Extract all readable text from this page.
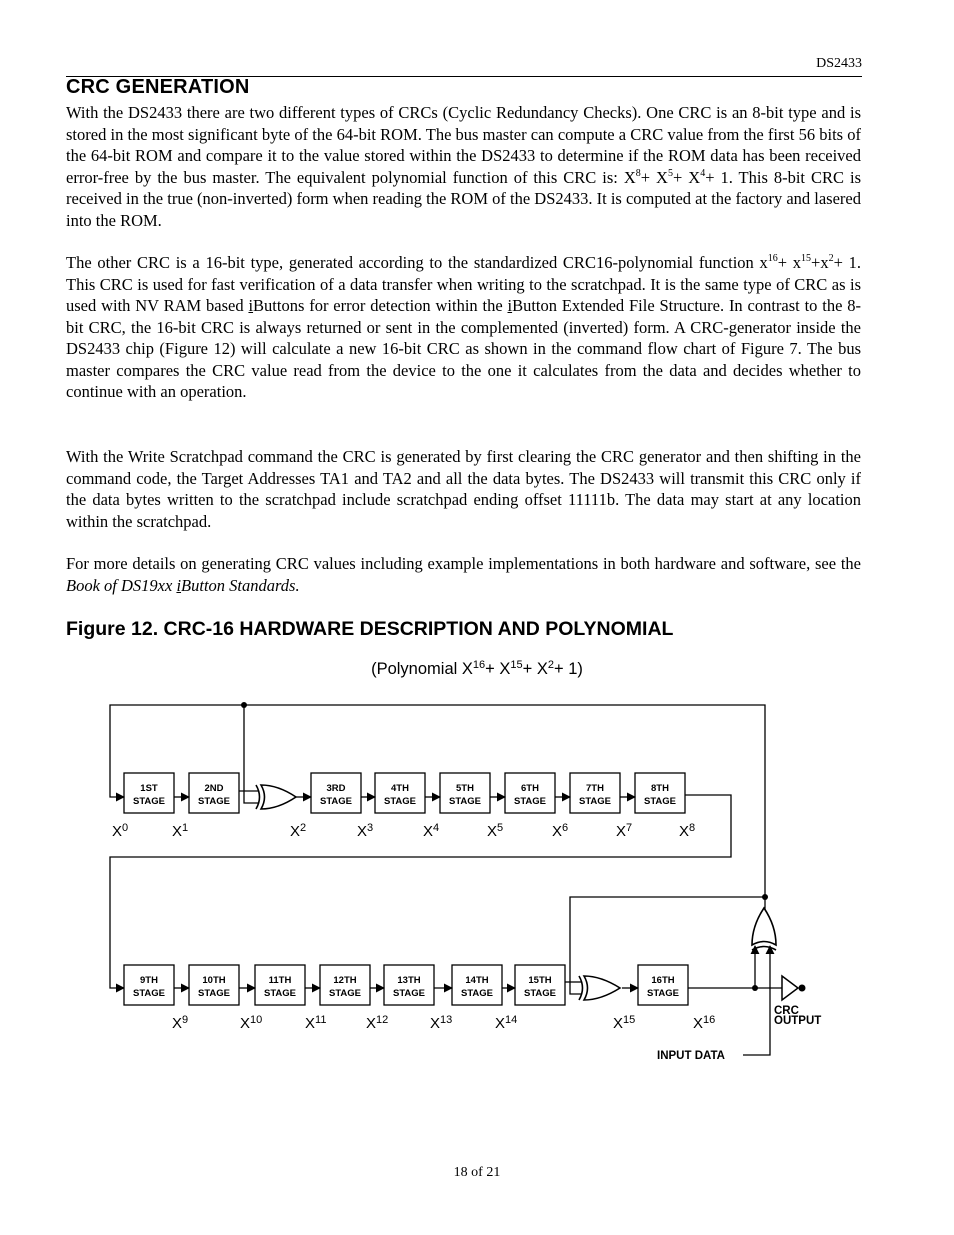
DS2433
CRC GENERATION

With the DS2433 there are two different types of CRCs (Cyclic Redundancy Checks). One CRC is an 8-bit type and is stored in the most significant byte of the 64-bit ROM. The bus master can compute a CRC value from the first 56 bits of the 64-bit ROM and compare it to the value stored within the DS2433 to determine if the ROM data has been received error-free by the bus master. The equivalent polynomial function of this CRC is: $X^8+ X^5+ X^4+ 1$. This 8-bit CRC is received in the true (non-inverted) form when reading the ROM of the DS2433. It is computed at the factory and lasered into the ROM.

The other CRC is a 16-bit type, generated according to the standardized CRC16-polynomial function $x^{16}+ x^{15}+x^2+ 1$. This CRC is used for fast verification of a data transfer when writing to the scratchpad. It is the same type of CRC as is used with NV RAM based iButtons for error detection within the iButton Extended File Structure. In contrast to the 8-bit CRC, the 16-bit CRC is always returned or sent in the complemented (inverted) form. A CRC-generator inside the DS2433 chip (Figure 12) will calculate a new 16-bit CRC as shown in the command flow chart of Figure 7. The bus master compares the CRC value read from the device to the one it calculates from the data and decides whether to continue with an operation.

With the Write Scratchpad command the CRC is generated by first clearing the CRC generator and then shifting in the command code, the Target Addresses TA1 and TA2 and all the data bytes. The DS2433 will transmit this CRC only if the data bytes written to the scratchpad include scratchpad ending offset 11111b. The data may start at any location within the scratchpad.

For more details on generating CRC values including example implementations in both hardware and software, see the Book of DS19xx iButton Standards.

Figure 12. CRC-16 HARDWARE DESCRIPTION AND POLYNOMIAL
(Polynomial $X^{16}+ X^{15}+ X^2+ 1$)
1ST
STAGE
2ND
STAGE
3RD
STAGE
4TH
STAGE
5TH
STAGE
6TH
STAGE
7TH
STAGE
8TH
STAGE
$X^0$	$X^1$	$X^2$	$X^3$	$X^4$	$X^5$	$X^6$	$X^7$	$X^8$
9TH
STAGE
10TH
STAGE
11TH
STAGE
12TH
STAGE
13TH
STAGE
14TH
STAGE
15TH
STAGE
16TH
STAGE
$X^9$	$X^{10}$	$X^{11}$	$X^{12}$	$X^{13}$	$X^{14}$	$X^{15}$	$X^{16}$
CRC
OUTPUT
INPUT DATA
18 of 21
